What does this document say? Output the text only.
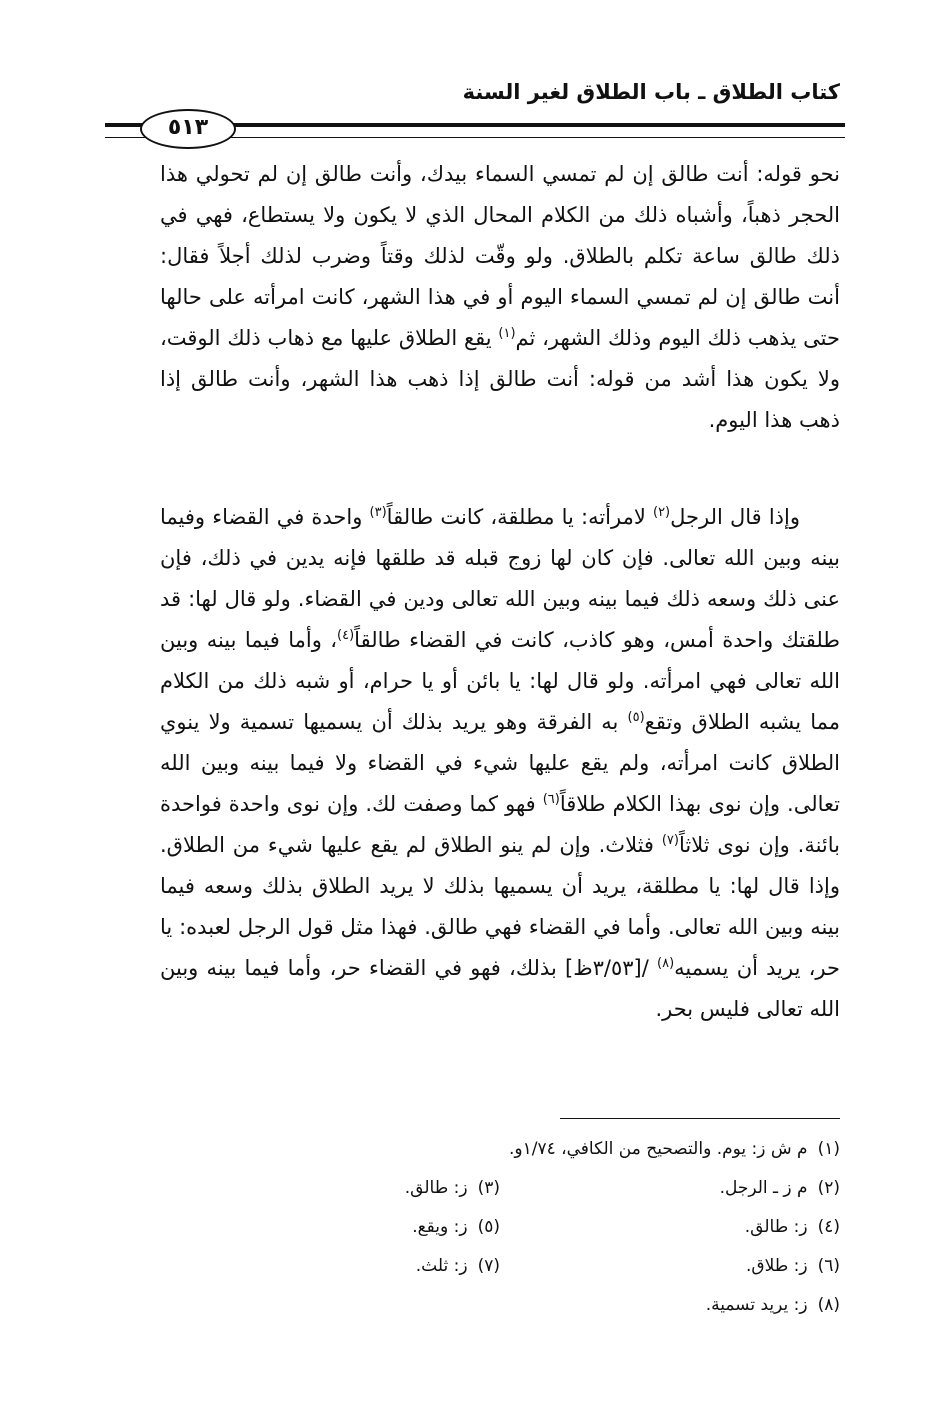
كتاب الطلاق ـ باب الطلاق لغير السنة
٥١٣

نحو قوله: أنت طالق إن لم تمسي السماء بيدك، وأنت طالق إن لم تحولي هذا الحجر ذهباً، وأشباه ذلك من الكلام المحال الذي لا يكون ولا يستطاع، فهي في ذلك طالق ساعة تكلم بالطلاق. ولو وقّت لذلك وقتاً وضرب لذلك أجلاً فقال: أنت طالق إن لم تمسي السماء اليوم أو في هذا الشهر، كانت امرأته على حالها حتى يذهب ذلك اليوم وذلك الشهر، ثم$^{(١)}$ يقع الطلاق عليها مع ذهاب ذلك الوقت، ولا يكون هذا أشد من قوله: أنت طالق إذا ذهب هذا الشهر، وأنت طالق إذا ذهب هذا اليوم.

وإذا قال الرجل$^{(٢)}$ لامرأته: يا مطلقة، كانت طالقاً$^{(٣)}$ واحدة في القضاء وفيما بينه وبين الله تعالى. فإن كان لها زوج قبله قد طلقها فإنه يدين في ذلك، فإن عنى ذلك وسعه ذلك فيما بينه وبين الله تعالى ودين في القضاء. ولو قال لها: قد طلقتك واحدة أمس، وهو كاذب، كانت في القضاء طالقاً$^{(٤)}$، وأما فيما بينه وبين الله تعالى فهي امرأته. ولو قال لها: يا بائن أو يا حرام، أو شبه ذلك من الكلام مما يشبه الطلاق وتقع$^{(٥)}$ به الفرقة وهو يريد بذلك أن يسميها تسمية ولا ينوي الطلاق كانت امرأته، ولم يقع عليها شيء في القضاء ولا فيما بينه وبين الله تعالى. وإن نوى بهذا الكلام طلاقاً$^{(٦)}$ فهو كما وصفت لك. وإن نوى واحدة فواحدة بائنة. وإن نوى ثلاثاً$^{(٧)}$ فثلاث. وإن لم ينو الطلاق لم يقع عليها شيء من الطلاق. وإذا قال لها: يا مطلقة، يريد أن يسميها بذلك لا يريد الطلاق بذلك وسعه فيما بينه وبين الله تعالى. وأما في القضاء فهي طالق. فهذا مثل قول الرجل لعبده: يا حر، يريد أن يسميه$^{(٨)}$ /[٣/٥٣ظ] بذلك، فهو في القضاء حر، وأما فيما بينه وبين الله تعالى فليس بحر.

(١)م ش ز: يوم. والتصحيح من الكافي، ١/٧٤و.
(٢)م ز ـ الرجل.
(٣)ز: طالق.
(٤)ز: طالق.
(٥)ز: ويقع.
(٦)ز: طلاق.
(٧)ز: ثلث.
(٨)ز: يريد تسمية.
